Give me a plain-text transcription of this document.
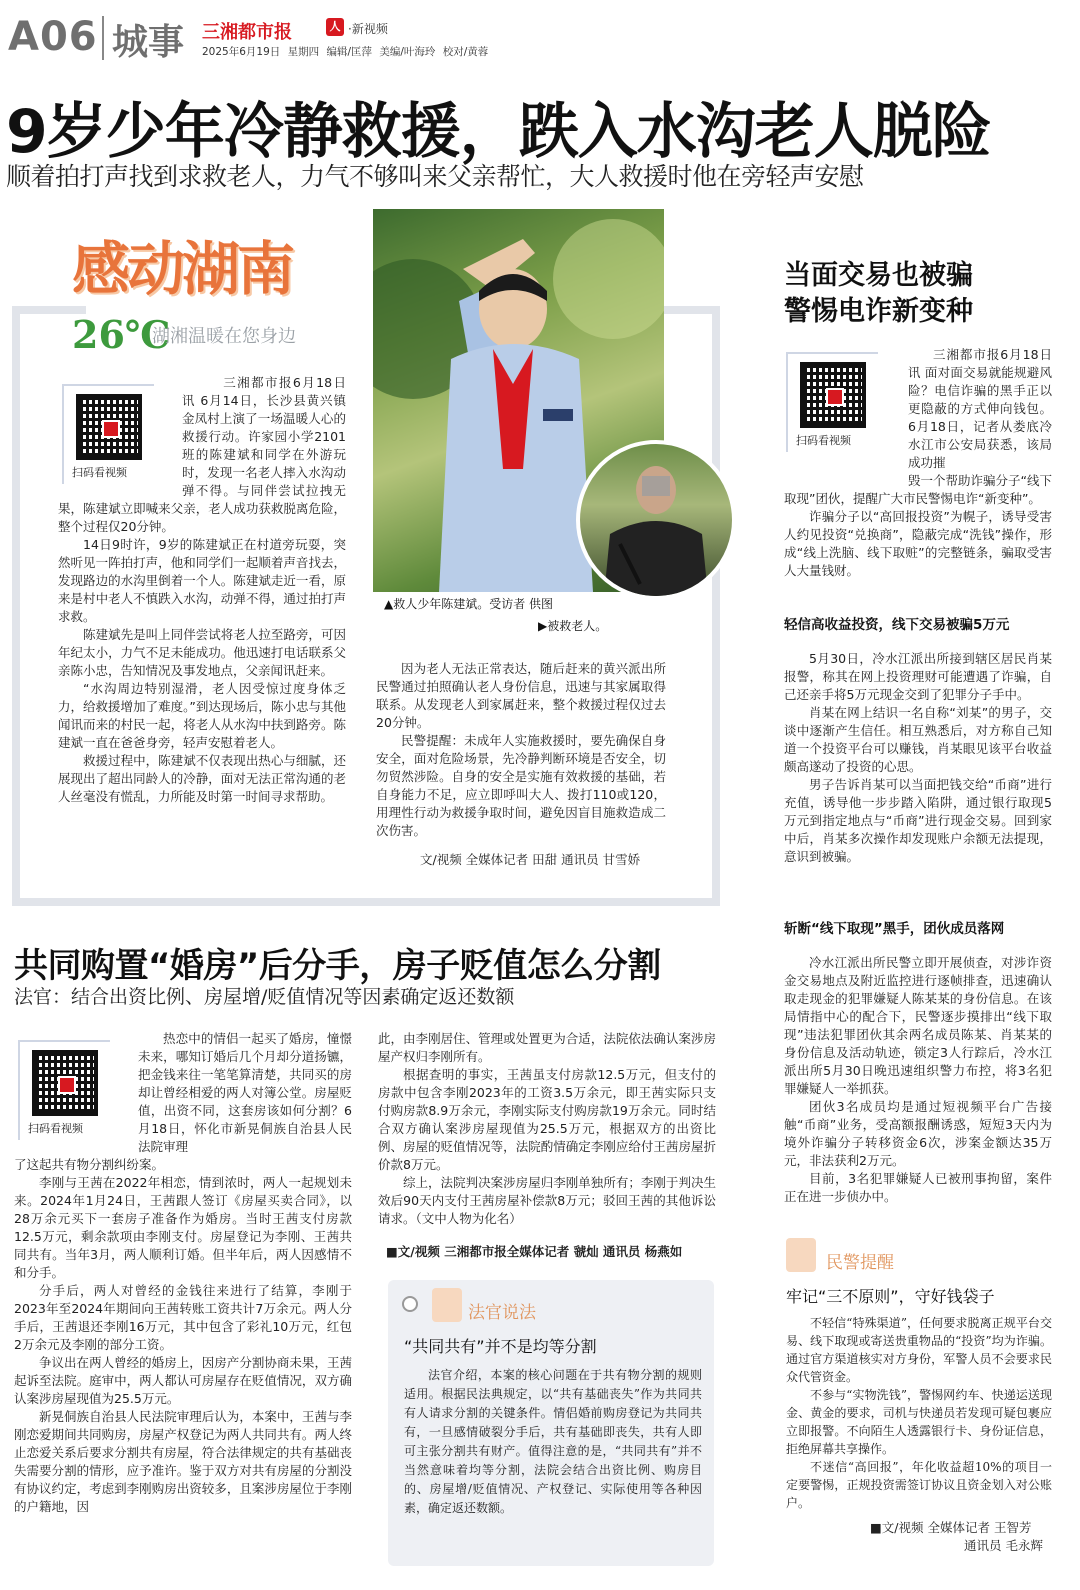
A06 城事 三湘都市报	人 ·新视频
2025年6月19日 星期四 编辑/匡萍 美编/叶海玲 校对/黄蓉
9岁少年冷静救援，跌入水沟老人脱险
顺着拍打声找到求救老人，力气不够叫来父亲帮忙，大人救援时他在旁轻声安慰
感动湖南
26℃
湖湘温暖在您身边
扫码看视频

三湘都市报6月18日讯 6月14日，长沙县黄兴镇金凤村上演了一场温暖人心的救援行动。许家园小学2101班的陈建斌和同学在外游玩时，发现一名老人摔入水沟动弹不得。与同伴尝试拉拽无果，陈建斌立即喊来父亲，老人成功获救脱离危险，整个过程仅20分钟。

14日9时许，9岁的陈建斌正在村道旁玩耍，突然听见一阵拍打声，他和同学们一起顺着声音找去，发现路边的水沟里倒着一个人。陈建斌走近一看，原来是村中老人不慎跌入水沟，动弹不得，通过拍打声求救。

陈建斌先是叫上同伴尝试将老人拉至路旁，可因年纪太小，力气不足未能成功。他迅速打电话联系父亲陈小忠，告知情况及事发地点，父亲闻讯赶来。

“水沟周边特别湿滑，老人因受惊过度身体乏力，给救援增加了难度。”到达现场后，陈小忠与其他闻讯而来的村民一起，将老人从水沟中扶到路旁。陈建斌一直在爸爸身旁，轻声安慰着老人。

救援过程中，陈建斌不仅表现出热心与细腻，还展现出了超出同龄人的冷静，面对无法正常沟通的老人丝毫没有慌乱，力所能及时第一时间寻求帮助。

▲救人少年陈建斌。受访者 供图
▶被救老人。

因为老人无法正常表达，随后赶来的黄兴派出所民警通过拍照确认老人身份信息，迅速与其家属取得联系。从发现老人到家属赶来，整个救援过程仅过去20分钟。

民警提醒：未成年人实施救援时，要先确保自身安全，面对危险场景，先冷静判断环境是否安全，切勿贸然涉险。自身的安全是实施有效救援的基础，若自身能力不足，应立即呼叫大人、拨打110或120，用理性行动为救援争取时间，避免因盲目施救造成二次伤害。

文/视频 全媒体记者 田甜 通讯员 甘雪娇
当面交易也被骗
警惕电诈新变种
扫码看视频

三湘都市报6月18日讯 面对面交易就能规避风险？电信诈骗的黑手正以更隐蔽的方式伸向钱包。6月18日，记者从娄底冷水江市公安局获悉，该局成功摧

毁一个帮助诈骗分子“线下取现”团伙，提醒广大市民警惕电诈“新变种”。

诈骗分子以“高回报投资”为幌子，诱导受害人约见投资“兑换商”，隐蔽完成“洗钱”操作，形成“线上洗脑、线下取赃”的完整链条，骗取受害人大量钱财。

轻信高收益投资，线下交易被骗5万元

5月30日，冷水江派出所接到辖区居民肖某报警，称其在网上投资理财可能遭遇了诈骗，自己还亲手将5万元现金交到了犯罪分子手中。

肖某在网上结识一名自称“刘某”的男子，交谈中逐渐产生信任。相互熟悉后，对方称自己知道一个投资平台可以赚钱，肖某眼见该平台收益颇高遂动了投资的心思。

男子告诉肖某可以当面把钱交给“币商”进行充值，诱导他一步步踏入陷阱，通过银行取现5万元到指定地点与“币商”进行现金交易。回到家中后，肖某多次操作却发现账户余额无法提现，意识到被骗。

斩断“线下取现”黑手，团伙成员落网

冷水江派出所民警立即开展侦查，对涉诈资金交易地点及附近监控进行逐帧排查，迅速确认取走现金的犯罪嫌疑人陈某某的身份信息。在该局情指中心的配合下，民警逐步摸排出“线下取现”违法犯罪团伙其余两名成员陈某、肖某某的身份信息及活动轨迹，锁定3人行踪后，冷水江派出所5月30日晚迅速组织警力布控，将3名犯罪嫌疑人一举抓获。

团伙3名成员均是通过短视频平台广告接触“币商”业务，受高额报酬诱惑，短短3天内为境外诈骗分子转移资金6次，涉案金额达35万元，非法获利2万元。

目前，3名犯罪嫌疑人已被刑事拘留，案件正在进一步侦办中。

民警提醒
牢记“三不原则”，守好钱袋子

不轻信“特殊渠道”，任何要求脱离正规平台交易、线下取现或寄送贵重物品的“投资”均为诈骗。通过官方渠道核实对方身份，军警人员不会要求民众代管资金。

不参与“实物洗钱”，警惕网约车、快递运送现金、黄金的要求，司机与快递员若发现可疑包裹应立即报警。不向陌生人透露银行卡、身份证信息，拒绝屏幕共享操作。

不迷信“高回报”，年化收益超10%的项目一定要警惕，正规投资需签订协议且资金划入对公账户。

■文/视频 全媒体记者 王智芳
通讯员 毛永辉
共同购置“婚房”后分手，房子贬值怎么分割
法官：结合出资比例、房屋增/贬值情况等因素确定返还数额
扫码看视频

热恋中的情侣一起买了婚房，憧憬未来，哪知订婚后几个月却分道扬镳，把金钱来往一笔笔算清楚，共同买的房却让曾经相爱的两人对簿公堂。房屋贬值，出资不同，这套房该如何分割？6月18日，怀化市新晃侗族自治县人民法院审理

了这起共有物分割纠纷案。

李刚与王茜在2022年相恋，情到浓时，两人一起规划未来。2024年1月24日，王茜跟人签订《房屋买卖合同》，以28万余元买下一套房子准备作为婚房。当时王茜支付房款12.5万元，剩余款项由李刚支付。房屋登记为李刚、王茜共同共有。当年3月，两人顺利订婚。但半年后，两人因感情不和分手。

分手后，两人对曾经的金钱往来进行了结算，李刚于2023年至2024年期间向王茜转账工资共计7万余元。两人分手后，王茜退还李刚16万元，其中包含了彩礼10万元，红包2万余元及李刚的部分工资。

争议出在两人曾经的婚房上，因房产分割协商未果，王茜起诉至法院。庭审中，两人都认可房屋存在贬值情况，双方确认案涉房屋现值为25.5万元。

新晃侗族自治县人民法院审理后认为，本案中，王茜与李刚恋爱期间共同购房，房屋产权登记为两人共同共有。两人终止恋爱关系后要求分割共有房屋，符合法律规定的共有基础丧失需要分割的情形，应予准许。鉴于双方对共有房屋的分割没有协议约定，考虑到李刚购房出资较多，且案涉房屋位于李刚的户籍地，因

此，由李刚居住、管理或处置更为合适，法院依法确认案涉房屋产权归李刚所有。

根据查明的事实，王茜虽支付房款12.5万元，但支付的房款中包含李刚2023年的工资3.5万余元，即王茜实际只支付购房款8.9万余元，李刚实际支付购房款19万余元。同时结合双方确认案涉房屋现值为25.5万元，根据双方的出资比例、房屋的贬值情况等，法院酌情确定李刚应给付王茜房屋折价款8万元。

综上，法院判决案涉房屋归李刚单独所有；李刚于判决生效后90天内支付王茜房屋补偿款8万元；驳回王茜的其他诉讼请求。（文中人物为化名）

■文/视频 三湘都市报全媒体记者 虢灿 通讯员 杨燕如
法官说法
“共同共有”并不是均等分割
法官介绍，本案的核心问题在于共有物分割的规则适用。根据民法典规定，以“共有基础丧失”作为共同共有人请求分割的关键条件。情侣婚前购房登记为共同共有，一旦感情破裂分手后，共有基础即丧失，共有人即可主张分割共有财产。值得注意的是，“共同共有”并不当然意味着均等分割，法院会结合出资比例、购房目的、房屋增/贬值情况、产权登记、实际使用等各种因素，确定返还数额。
